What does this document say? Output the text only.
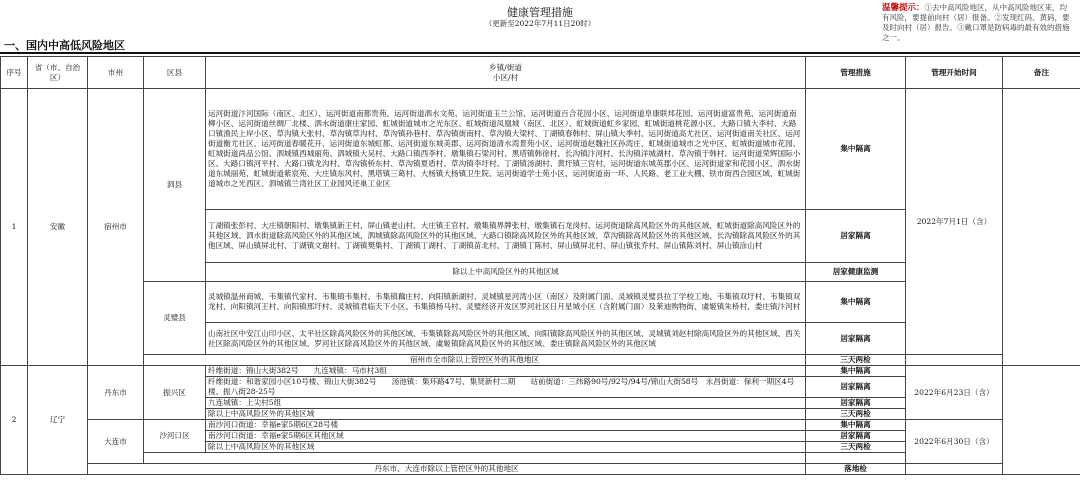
健康管理措施
（更新至2022年7月11日20时）
温馨提示：①去中高风险地区，从中高风险地区来，均有风险，要提前向村（居）报备。②发现红码、黄码，要及时向村（居）报告。③戴口罩是防病毒的最有效的措施之一。
一、国内中高低风险地区
序号	省（市、自治区）	市州	区县	乡镇/街道
小区/村	管理措施	管理开始时间	备注
1	安徽	宿州市	泗县	运河街道汴河国际（南区、北区）、运河街道南都贵苑、运河街道泗水文苑、运河街道玉兰公馆、运河街道百合花园小区、运河街道阜康联邦花园、运河街道富贵苑、运河街道南柳小区、运河街道丝绸厂北楼、泗水街道康庄家园、虹城街道城市之光东区、虹城街道凤凰城（南区、北区）、虹城街道虹乡家园、虹城街道桃花源小区、大路口镇大李村、大路口镇渔民上岸小区、草沟镇大张村、草沟镇草沟村、草沟镇孙巷村、草沟镇街南村、草沟镇大梁村、丁湖镇春韩村、屏山镇大季村、运河街道高尤社区、运河街道南关社区、运河街道衡尤社区、运河街道春暖花开、运河街道东城虹都、运河街道东城美郡、运河街道清水湾景苑小区、运河街道赵魏社区孙湾庄、虹城街道城市之光中区、虹城街道城市花园、虹城街道尚品公馆、泗城镇西城丽苑、泗城镇大吴村、大路口镇西李村、墩集镇石梁河村、黑塔镇韩徐村、长沟镇汴河村、长沟镇洋城湖村、草沟镇于韩村、运河街道荣辉国际小区、大路口镇河平村、大路口镇龙沟村、草沟镇桥东村、草沟镇夏盾村、草沟镇李圩村、丁湖镇汤湖村、黄圩镇三官村、运河街道东城英郡小区、运河街道家和花园小区、泗水街道东城丽苑、虹城街道紫宸苑、大庄镇东风村、黑塔镇三葛村、大杨镇大杨镇卫生院、运河街道学士苑小区、运河街道南一环、人民路、老工业大棚、铁市街西合园区域、虹城街道城市之光西区、泗城镇兰湾社区工业园风还巢工业区	集中隔离	2022年7月1日（含）	
				丁湖镇张彭村、大庄镇朝阳村、墩集镇新王村、屏山镇老山村、大庄镇王官村、墩集镇界牌张村、墩集镇石龙岗村、运河街道除高风险区外的其他区域、虹城街道除高风险区外的其他区域、泗水街道除高风险区外的其他区域、泗城镇除高风险区外的其他区域、大路口镇除高风险区外的其他区域、草沟镇除高风险区外的其他区域、长沟镇除高风险区外的其他区域、屏山镇屏北村、丁湖镇文谢村、丁湖镇樊集村、丁湖镇丁湖村、丁湖镇苗北村、丁湖镇丁陈村、屏山镇屏北村、屏山镇张乔村、屏山镇陈刘村、屏山镇涂山村	居家隔离		
				除以上中高风险区外的其他区域	居家健康监测		
			灵璧县	灵城镇温州商城、韦集镇代家村、韦集镇韦集村、韦集镇藕庄村、向阳镇新湖村、灵城镇星河湾小区（南区）及附属门面、灵城镇灵璧县拉丁学校工地、韦集镇双圩村、韦集镇双龙村、向阳镇河王村、向阳镇邢圩村、灵城镇君临天下小区、韦集镇杨马村、灵璧经济开发区罗河社区日月星城小区（含附属门面）及莱迪购物街、虞姬镇朱桥村、娄庄镇汴河村	集中隔离		
				山南社区中安江山印小区、太平社区除高风险区外的其他区域、韦集镇除高风险区外的其他区域、向阳镇除高风险区外的其他区域、灵城镇刘赵村除高风险区外的其他区域、西关社区除高风险区外的其他区域、罗河社区除高风险区外的其他区域、虞姬镇除高风险区外的其他区域、娄庄镇除高风险区外的其他区域	居家隔离		
			宿州市全市除以上管控区外的其他地区		三天两检		
2	辽宁	丹东市	振兴区	纤维街道：锦山大街382号　　九连城镇：马市村3组	集中隔离	2022年6月23日（含）	
				纤维街道：和谐家园小区10号楼、锦山大街382号　　汤池镇：集环路47号、集贤新村二期　　站前街道：三纬路90号/92号/94号/锦山大街58号　永昌街道：保利一期区4号楼、振八街28-25号	居家隔离		
				九连城镇：上尖村5组	居家隔离		
				除以上中高风险区外的其他区域	三天两检		
		大连市	沙河口区	南沙河口街道：幸福e家5期6区28号楼	集中隔离	2022年6月30日（含）	
				南沙河口街道：幸福e家5期6区其他区域	居家隔离		
				除以上中高风险区外的其他区域	三天两检		

		丹东市、大连市除以上管控区外的其他地区			落地检		
